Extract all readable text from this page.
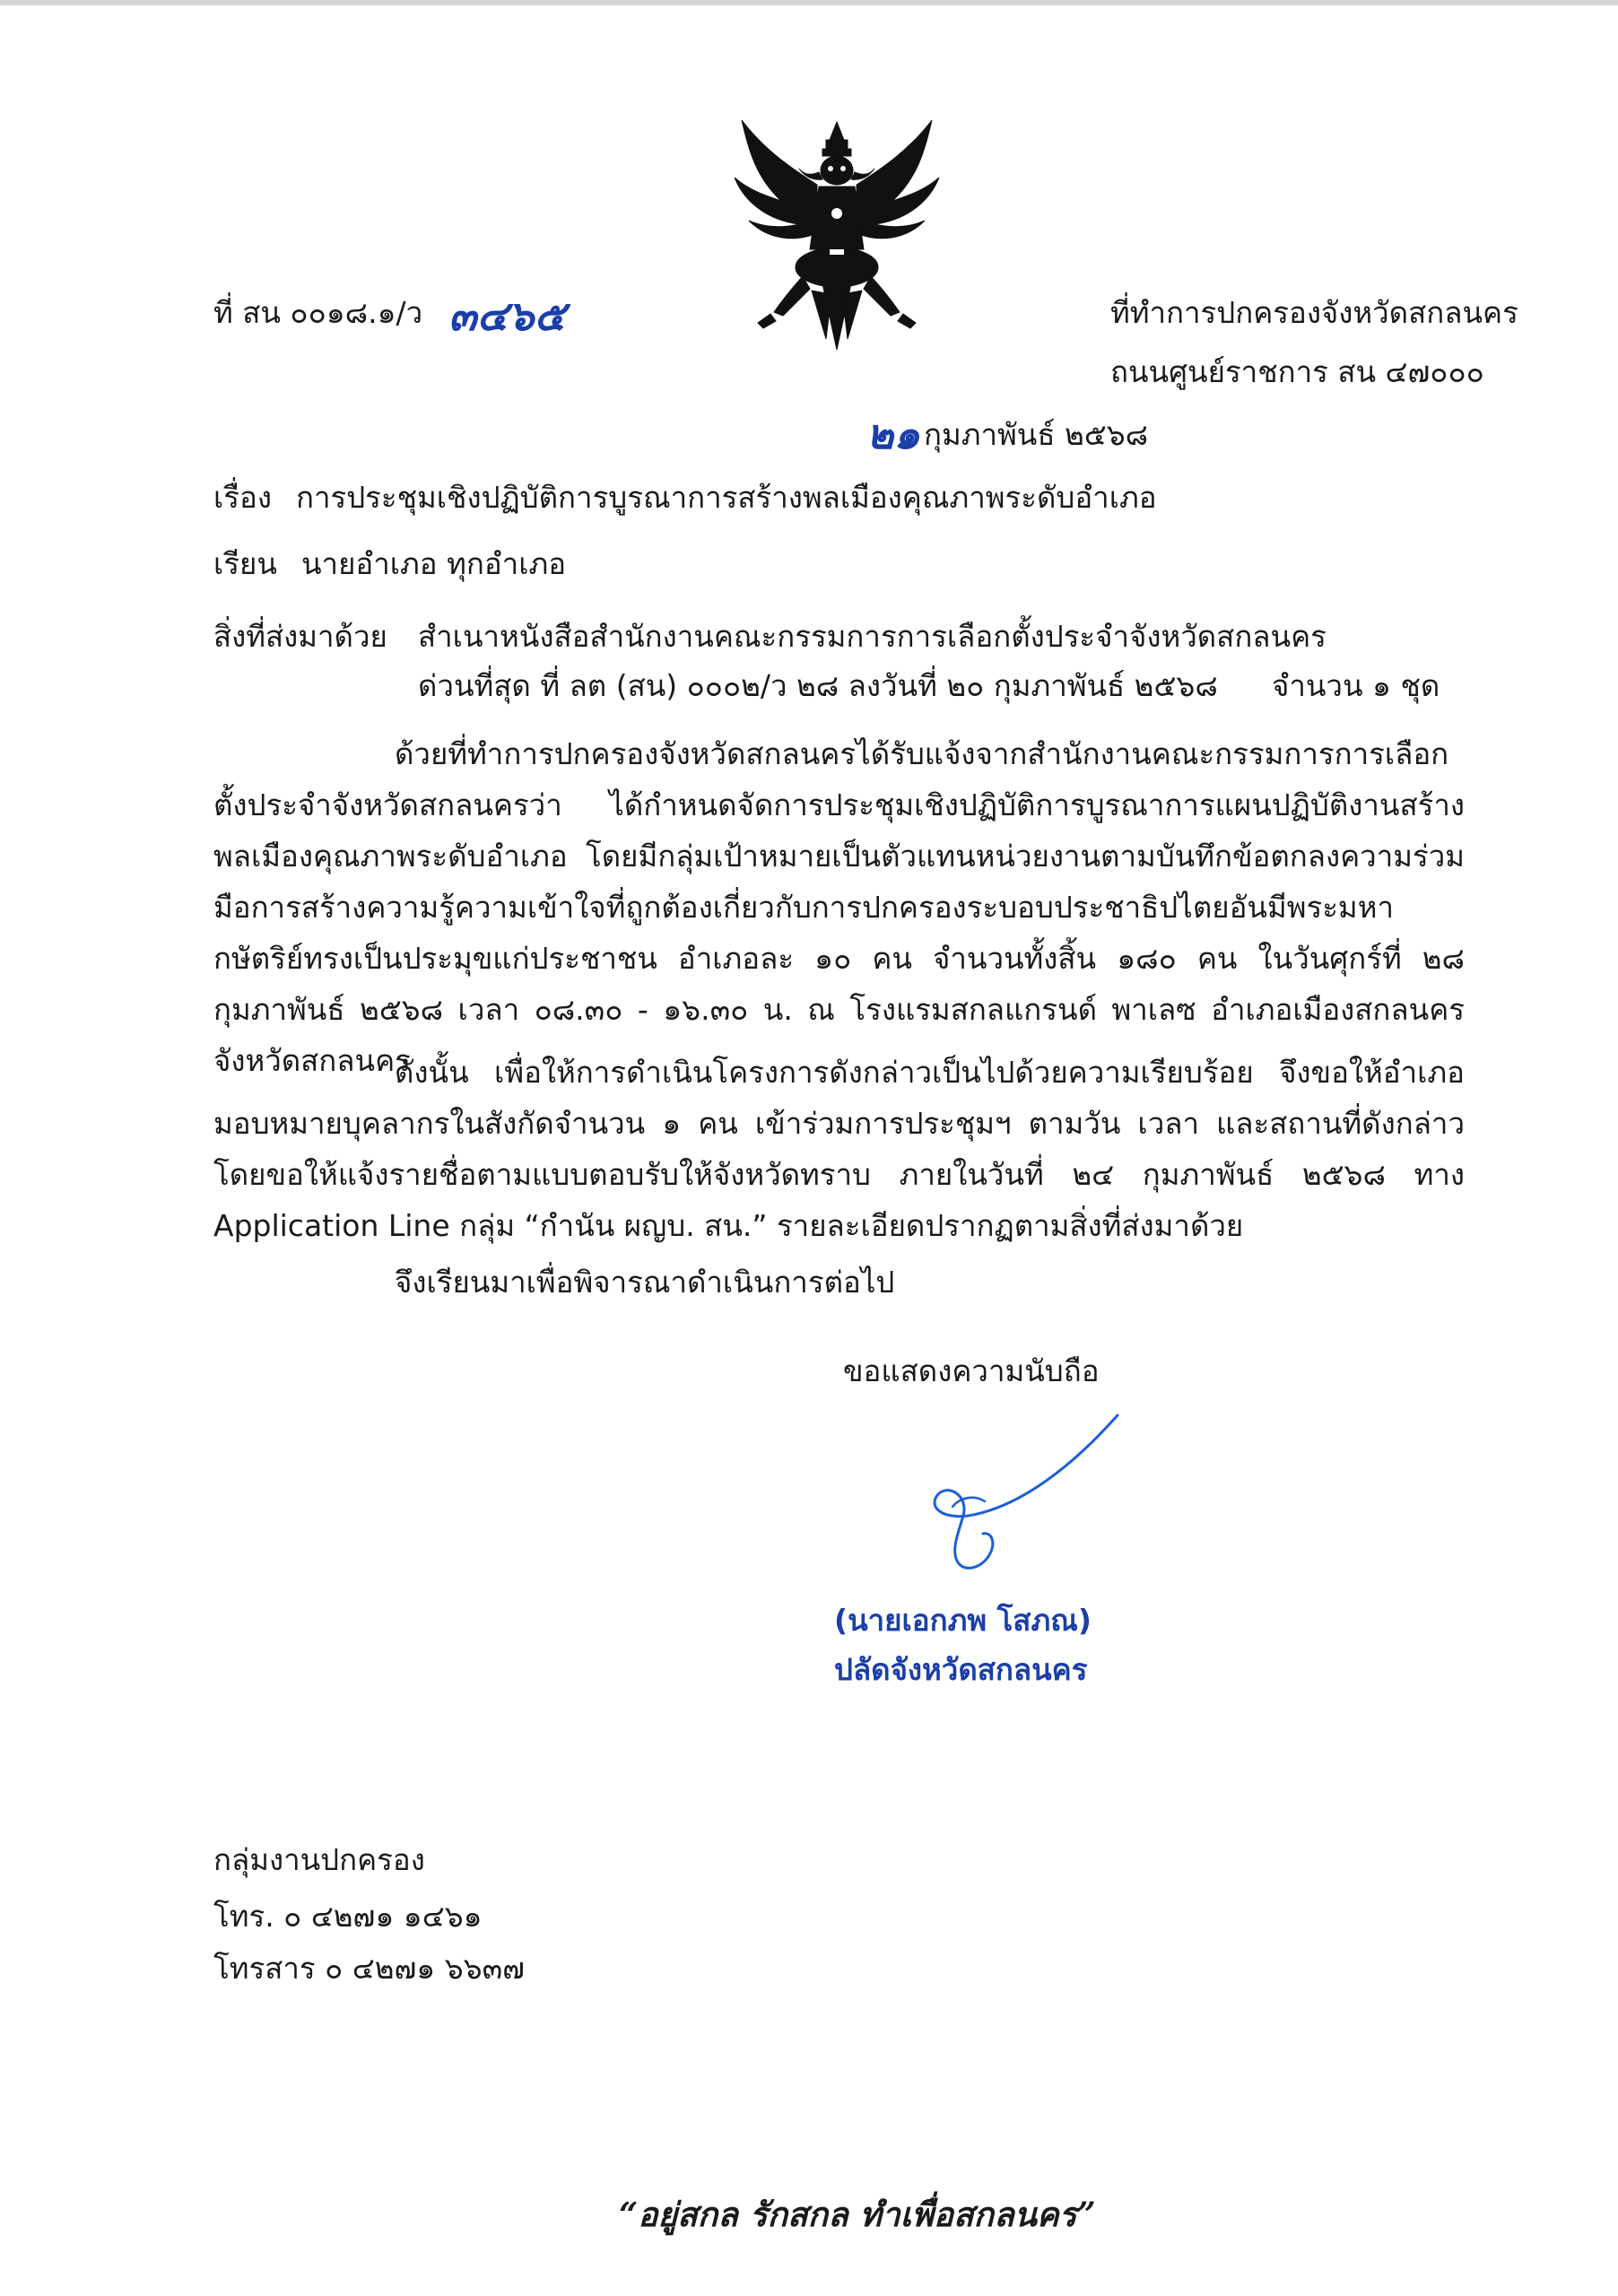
ที่ สน ๐๐๑๘.๑/ว ๓๔๖๕	ที่ทำการปกครองจังหวัดสกลนคร
ถนนศูนย์ราชการ สน ๔๗๐๐๐
๒๑ กุมภาพันธ์ ๒๕๖๘
เรื่อง การประชุมเชิงปฏิบัติการบูรณาการสร้างพลเมืองคุณภาพระดับอำเภอ
เรียน นายอำเภอ ทุกอำเภอ
สิ่งที่ส่งมาด้วย สำเนาหนังสือสำนักงานคณะกรรมการการเลือกตั้งประจำจังหวัดสกลนคร
ด่วนที่สุด ที่ ลต (สน) ๐๐๐๒/ว ๒๘ ลงวันที่ ๒๐ กุมภาพันธ์ ๒๕๖๘ จำนวน ๑ ชุด
ด้วยที่ทำการปกครองจังหวัดสกลนครได้รับแจ้งจากสำนักงานคณะกรรมการการเลือกตั้งประจำจังหวัดสกลนครว่า ได้กำหนดจัดการประชุมเชิงปฏิบัติการบูรณาการแผนปฏิบัติงานสร้างพลเมืองคุณภาพระดับอำเภอ โดยมีกลุ่มเป้าหมายเป็นตัวแทนหน่วยงานตามบันทึกข้อตกลงความร่วมมือการสร้างความรู้ความเข้าใจที่ถูกต้องเกี่ยวกับการปกครองระบอบประชาธิปไตยอันมีพระมหากษัตริย์ทรงเป็นประมุขแก่ประชาชน อำเภอละ ๑๐ คน จำนวนทั้งสิ้น ๑๘๐ คน ในวันศุกร์ที่ ๒๘ กุมภาพันธ์ ๒๕๖๘ เวลา ๐๘.๓๐ - ๑๖.๓๐ น. ณ โรงแรมสกลแกรนด์ พาเลซ อำเภอเมืองสกลนคร จังหวัดสกลนคร
ดังนั้น เพื่อให้การดำเนินโครงการดังกล่าวเป็นไปด้วยความเรียบร้อย จึงขอให้อำเภอมอบหมายบุคลากรในสังกัดจำนวน ๑ คน เข้าร่วมการประชุมฯ ตามวัน เวลา และสถานที่ดังกล่าว โดยขอให้แจ้งรายชื่อตามแบบตอบรับให้จังหวัดทราบ ภายในวันที่ ๒๔ กุมภาพันธ์ ๒๕๖๘ ทาง Application Line กลุ่ม “กำนัน ผญบ. สน.” รายละเอียดปรากฏตามสิ่งที่ส่งมาด้วย
จึงเรียนมาเพื่อพิจารณาดำเนินการต่อไป
ขอแสดงความนับถือ
(นายเอกภพ โสภณ)
ปลัดจังหวัดสกลนคร
กลุ่มงานปกครอง
โทร. ๐ ๔๒๗๑ ๑๔๖๑
โทรสาร ๐ ๔๒๗๑ ๖๖๓๗
“อยู่สกล รักสกล ทำเพื่อสกลนคร”
